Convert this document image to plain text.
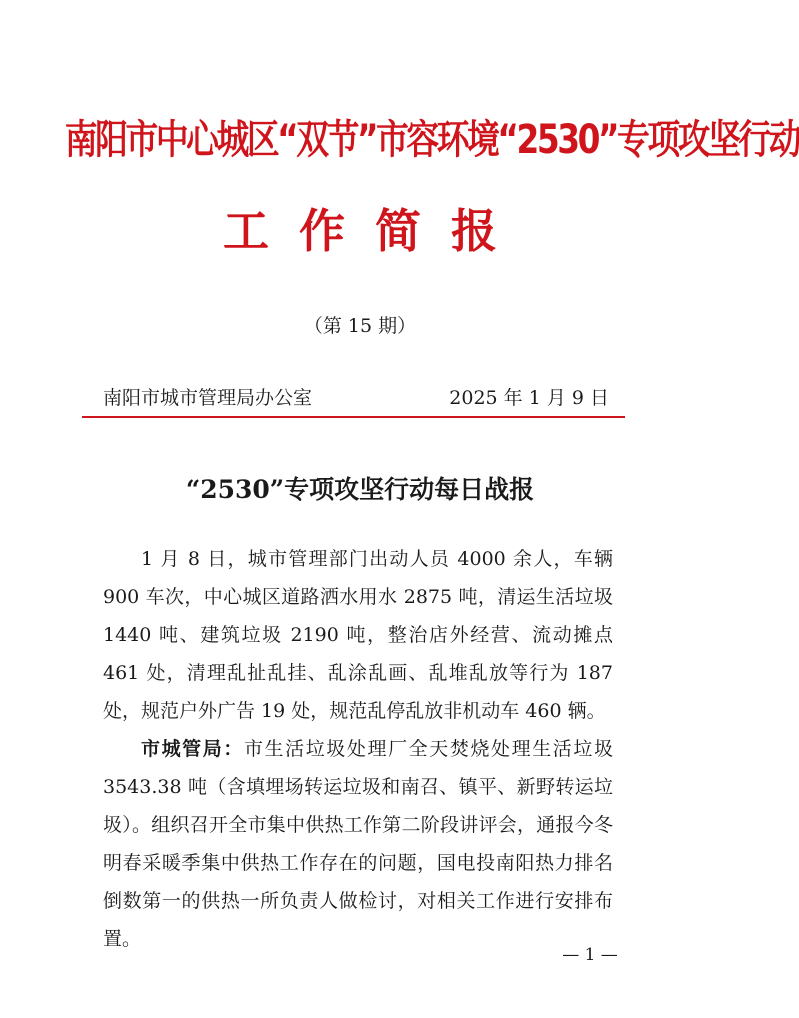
南阳市中心城区“双节”市容环境“2530”专项攻坚行动
工作简报
（第 15 期）
南阳市城市管理局办公室	2025 年 1 月 9 日
“2530”专项攻坚行动每日战报

1 月 8 日，城市管理部门出动人员 4000 余人，车辆 900 车次，中心城区道路洒水用水 2875 吨，清运生活垃圾 1440 吨、建筑垃圾 2190 吨，整治店外经营、流动摊点 461 处，清理乱扯乱挂、乱涂乱画、乱堆乱放等行为 187 处，规范户外广告 19 处，规范乱停乱放非机动车 460 辆。

市城管局：市生活垃圾处理厂全天焚烧处理生活垃圾 3543.38 吨（含填埋场转运垃圾和南召、镇平、新野转运垃圾）。组织召开全市集中供热工作第二阶段讲评会，通报今冬明春采暖季集中供热工作存在的问题，国电投南阳热力排名倒数第一的供热一所负责人做检讨，对相关工作进行安排布置。

— 1 —
